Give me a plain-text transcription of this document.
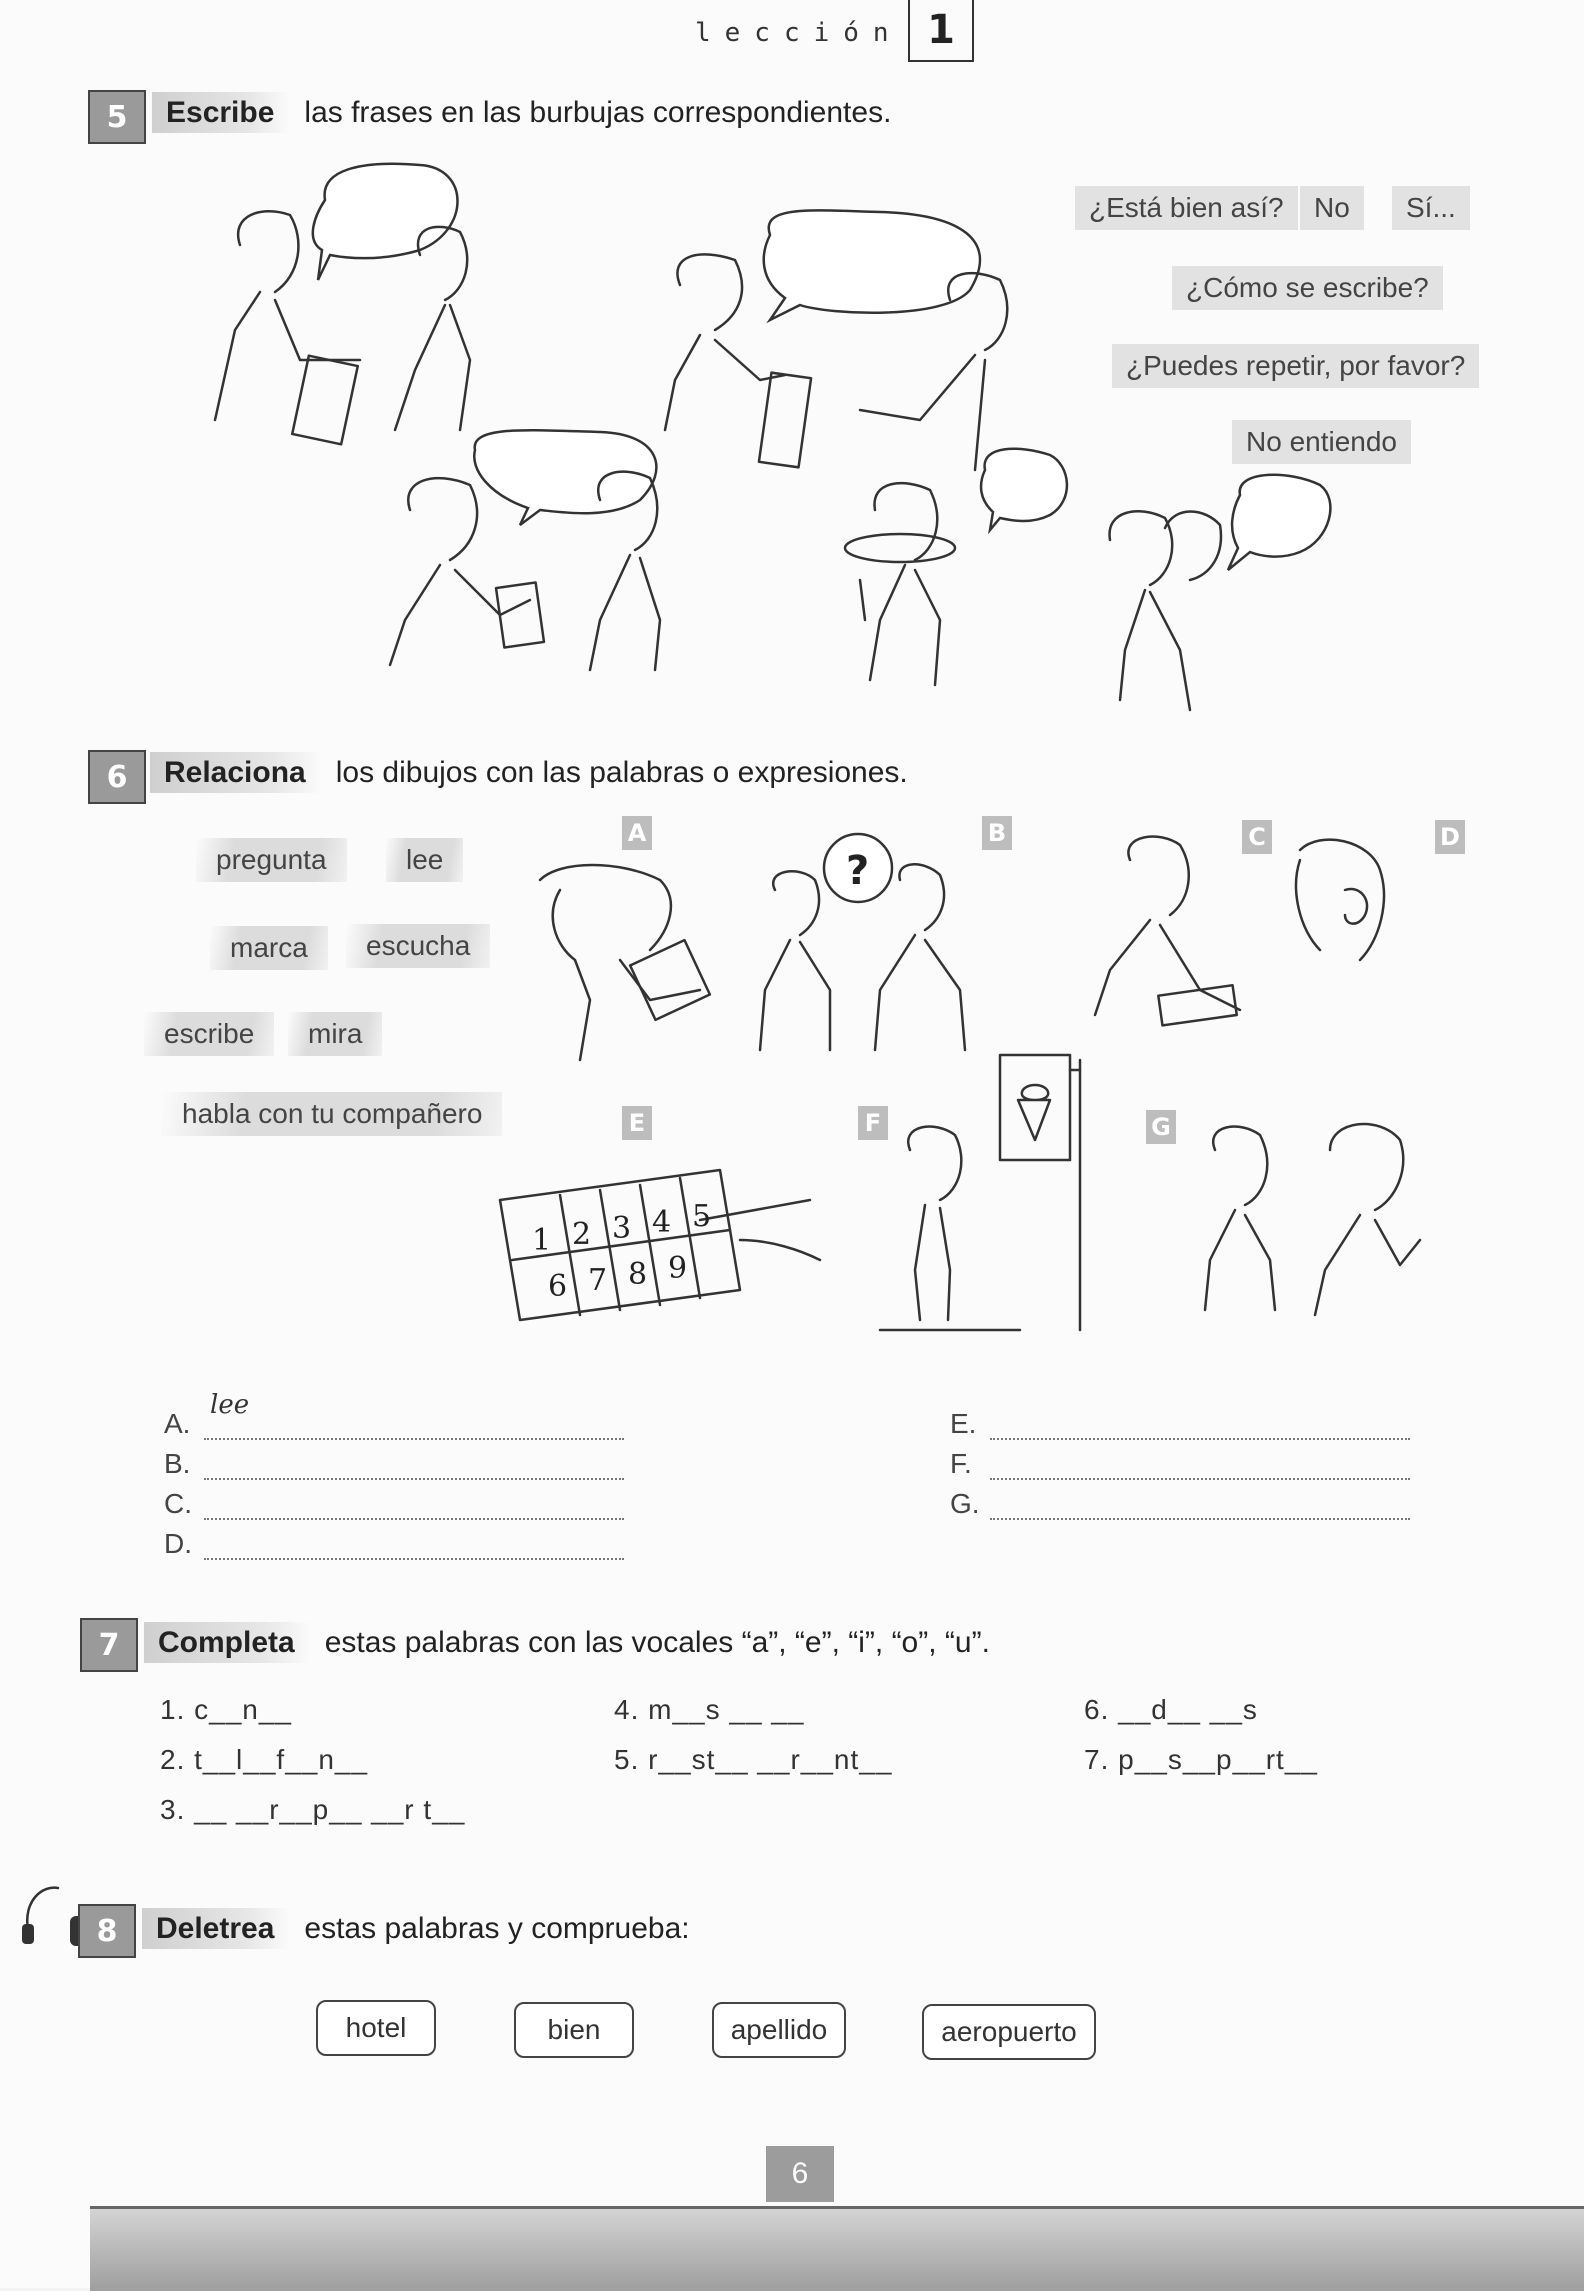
lección 1
5	Escribe las frases en las burbujas correspondientes.
¿Está bien así?	No	Sí...
¿Cómo se escribe?
¿Puedes repetir, por favor?
No entiendo
6	Relaciona los dibujos con las palabras o expresiones.
pregunta	lee
marca	escucha
escribe	mira
habla con tu compañero
A	B	C	D
E	F	G
?
1 2 3 4 5
6 7 8 9
A.
lee
B.
C.
D.
E.
F.
G.
7	Completa estas palabras con las vocales “a”, “e”, “i”, “o”, “u”.
1. c__n__
2. t__l__f__n__
3. __ __r__p__ __r t__
4. m__s __ __
5. r__st__ __r__nt__
6. __d__ __s
7. p__s__p__rt__
8	Deletrea estas palabras y comprueba:
hotel	bien	apellido	aeropuerto
6
